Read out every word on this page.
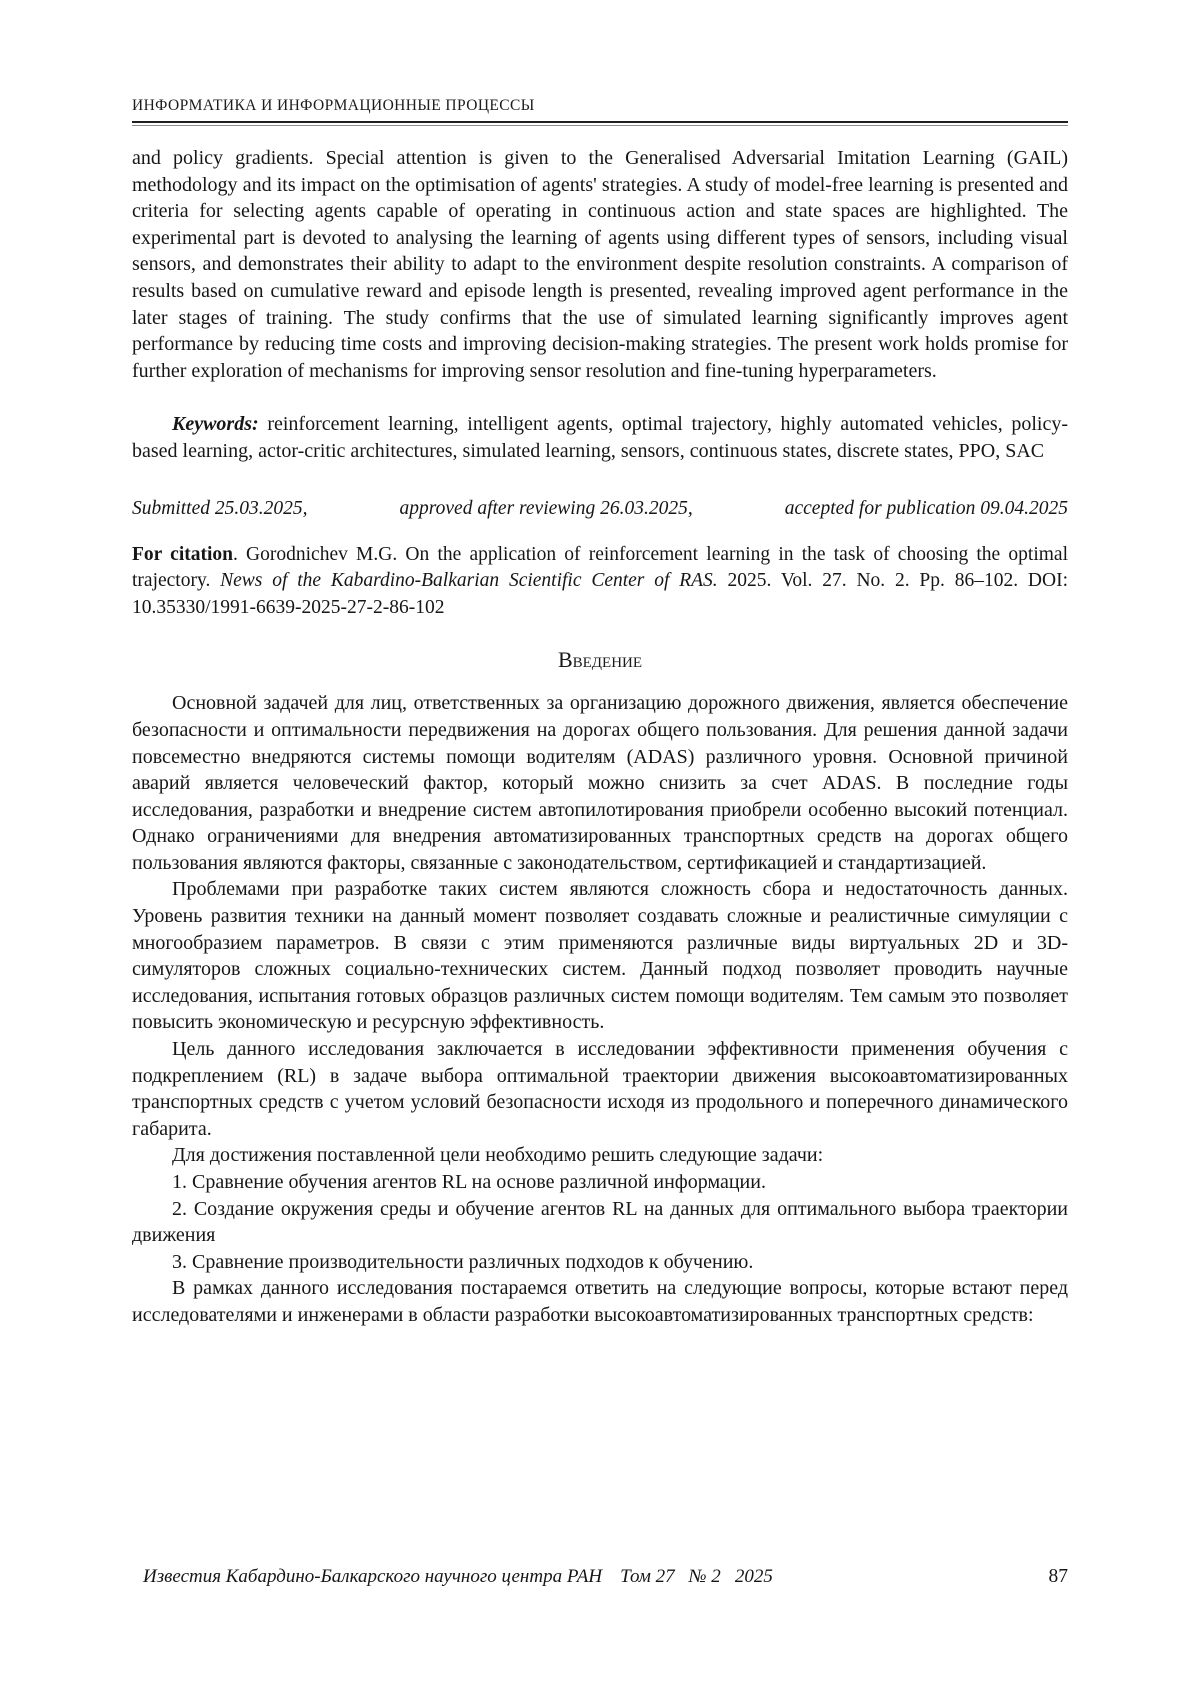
ИНФОРМАТИКА И ИНФОРМАЦИОННЫЕ ПРОЦЕССЫ

and policy gradients. Special attention is given to the Generalised Adversarial Imitation Learning (GAIL) methodology and its impact on the optimisation of agents' strategies. A study of model-free learning is presented and criteria for selecting agents capable of operating in continuous action and state spaces are highlighted. The experimental part is devoted to analysing the learning of agents using different types of sensors, including visual sensors, and demonstrates their ability to adapt to the environment despite resolution constraints. A comparison of results based on cumulative reward and episode length is presented, revealing improved agent performance in the later stages of training. The study confirms that the use of simulated learning significantly improves agent performance by reducing time costs and improving decision-making strategies. The present work holds promise for further exploration of mechanisms for improving sensor resolution and fine-tuning hyperparameters.

Keywords: reinforcement learning, intelligent agents, optimal trajectory, highly automated vehicles, policy-based learning, actor-critic architectures, simulated learning, sensors, continuous states, discrete states, PPO, SAC

Submitted 25.03.2025,	approved after reviewing 26.03.2025,	accepted for publication 09.04.2025

For citation. Gorodnichev M.G. On the application of reinforcement learning in the task of choosing the optimal trajectory. News of the Kabardino-Balkarian Scientific Center of RAS. 2025. Vol. 27. No. 2. Pp. 86–102. DOI: 10.35330/1991-6639-2025-27-2-86-102

Введение

Основной задачей для лиц, ответственных за организацию дорожного движения, является обеспечение безопасности и оптимальности передвижения на дорогах общего пользования. Для решения данной задачи повсеместно внедряются системы помощи водителям (ADAS) различного уровня. Основной причиной аварий является человеческий фактор, который можно снизить за счет ADAS. В последние годы исследования, разработки и внедрение систем автопилотирования приобрели особенно высокий потенциал. Однако ограничениями для внедрения автоматизированных транспортных средств на дорогах общего пользования являются факторы, связанные с законодательством, сертификацией и стандартизацией.

Проблемами при разработке таких систем являются сложность сбора и недостаточность данных. Уровень развития техники на данный момент позволяет создавать сложные и реалистичные симуляции с многообразием параметров. В связи с этим применяются различные виды виртуальных 2D и 3D-симуляторов сложных социально-технических систем. Данный подход позволяет проводить научные исследования, испытания готовых образцов различных систем помощи водителям. Тем самым это позволяет повысить экономическую и ресурсную эффективность.

Цель данного исследования заключается в исследовании эффективности применения обучения с подкреплением (RL) в задаче выбора оптимальной траектории движения высокоавтоматизированных транспортных средств с учетом условий безопасности исходя из продольного и поперечного динамического габарита.

Для достижения поставленной цели необходимо решить следующие задачи:

1. Сравнение обучения агентов RL на основе различной информации.

2. Создание окружения среды и обучение агентов RL на данных для оптимального выбора траектории движения

3. Сравнение производительности различных подходов к обучению.

В рамках данного исследования постараемся ответить на следующие вопросы, которые встают перед исследователями и инженерами в области разработки высокоавтоматизированных транспортных средств:

Известия Кабардино-Балкарского научного центра РАН Том 27 № 2 2025	87
